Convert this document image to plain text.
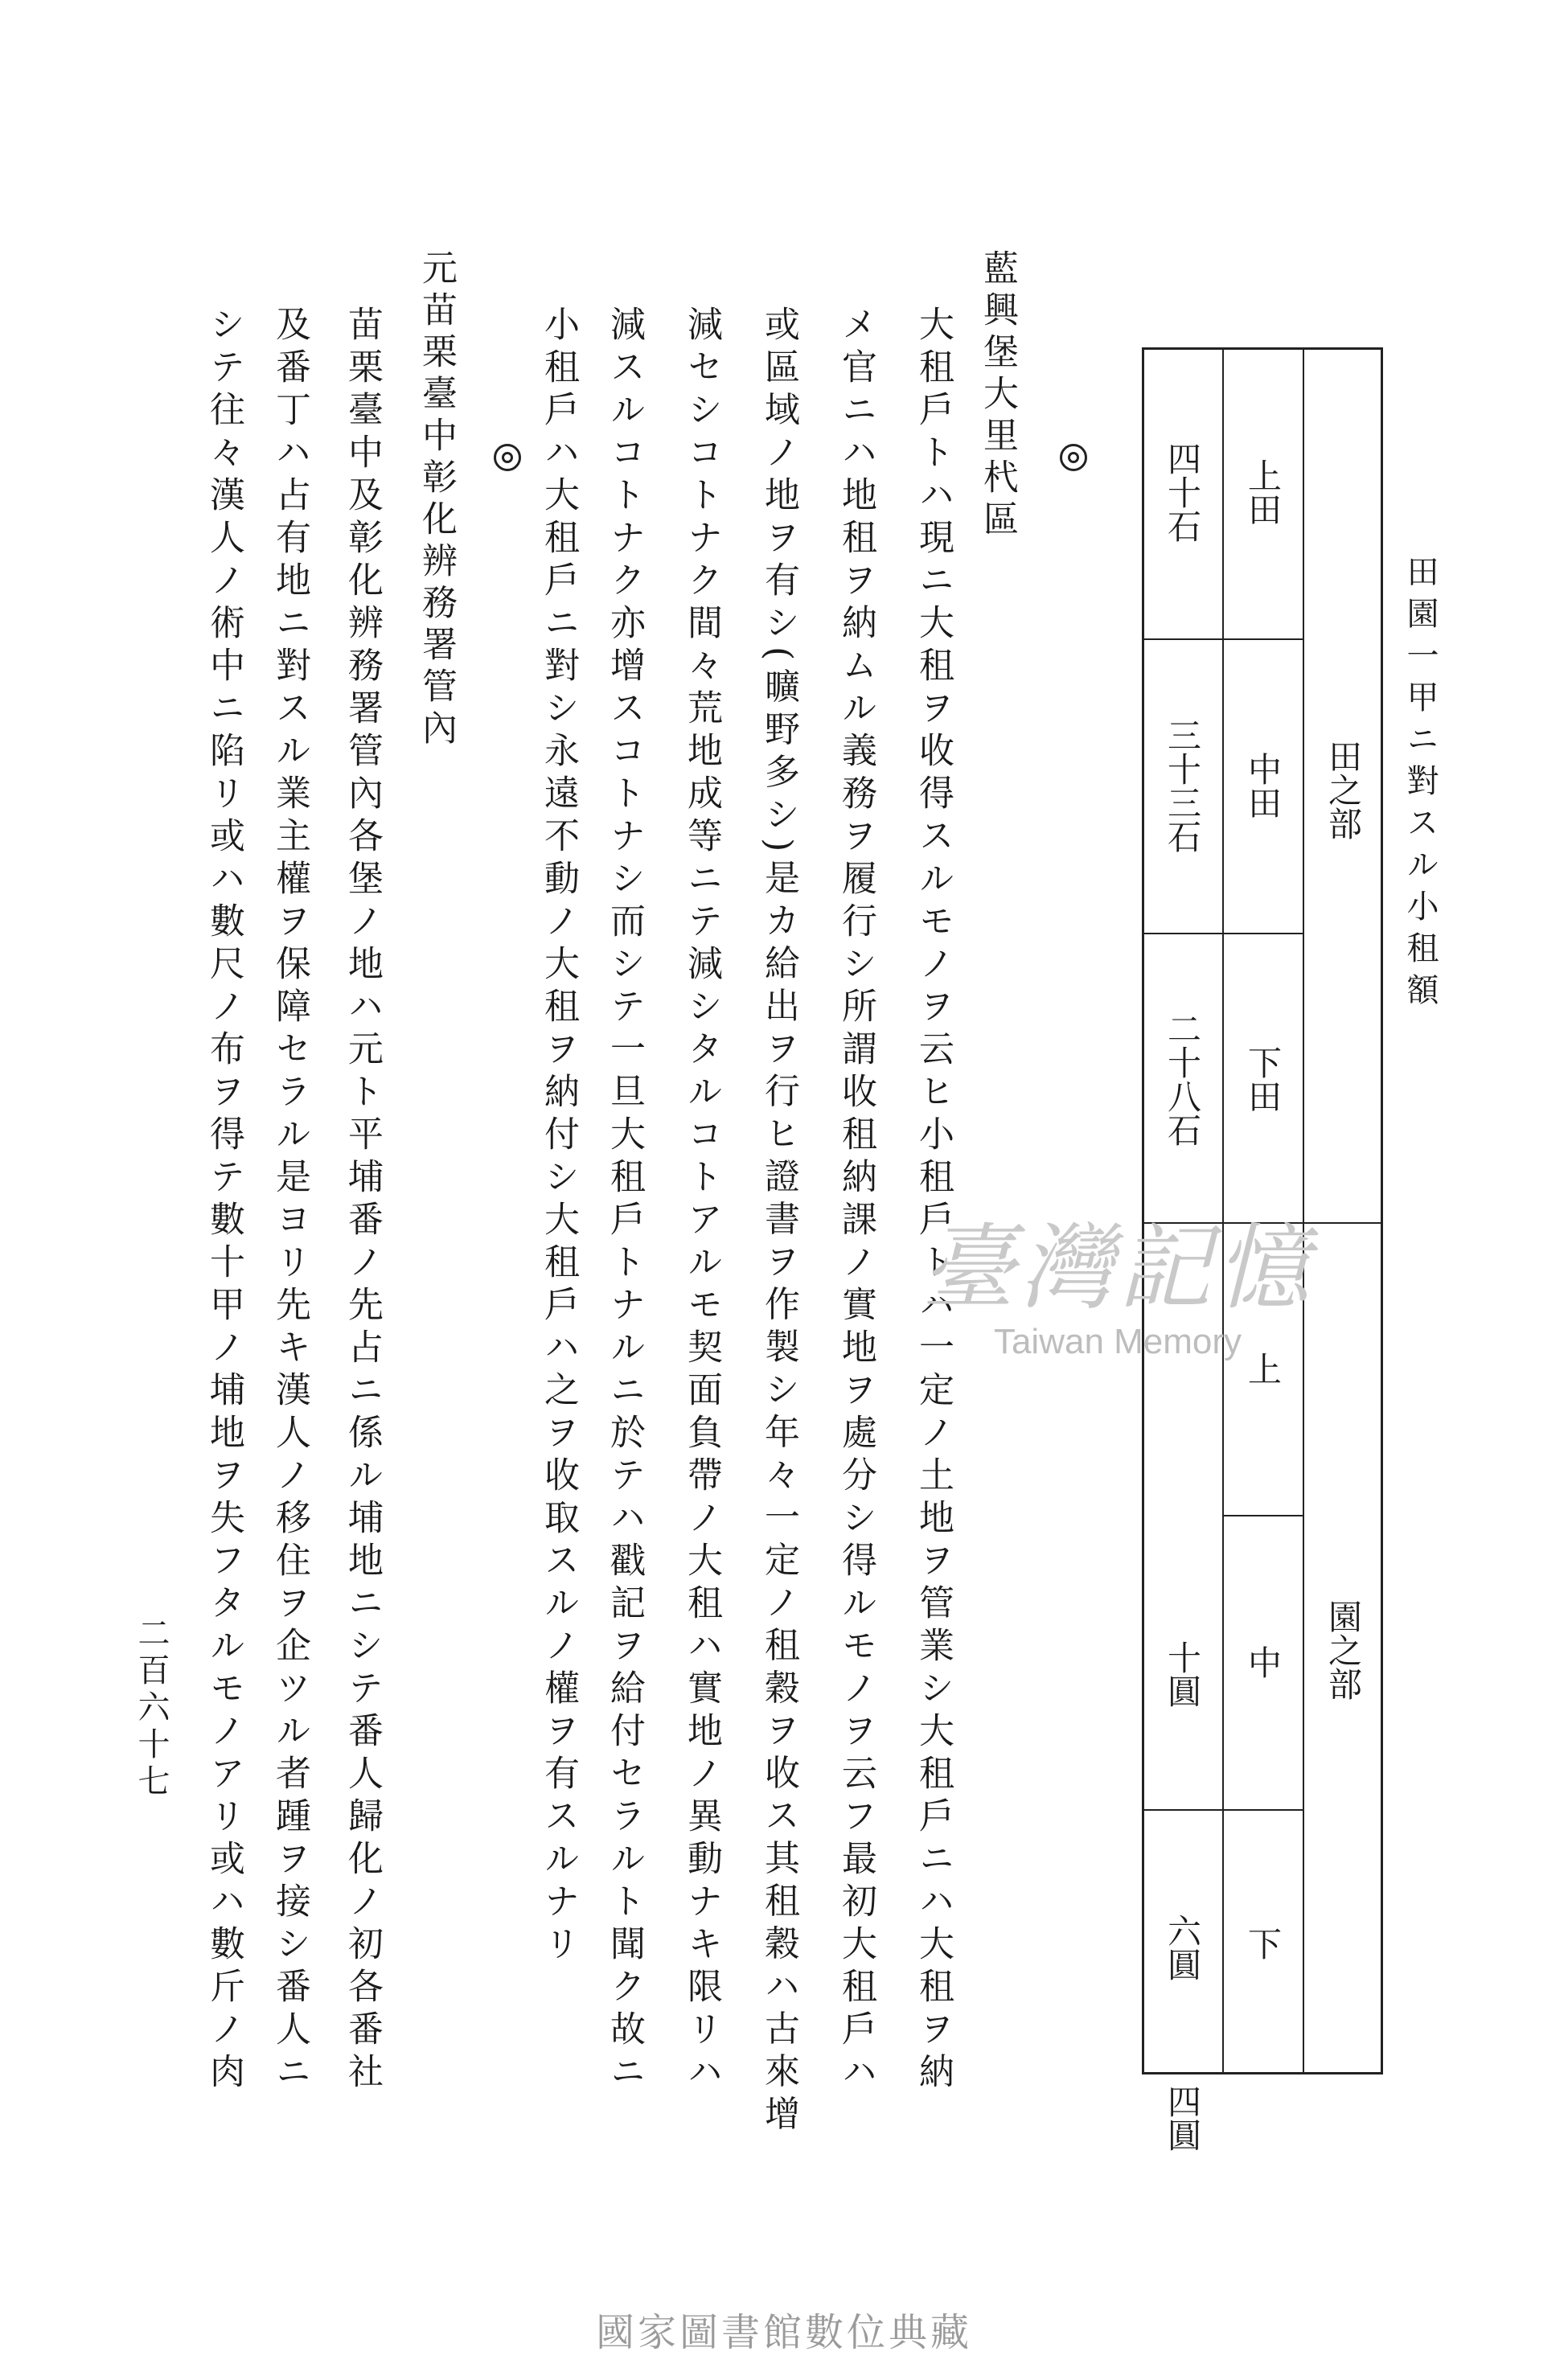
田園一甲ニ對スル小租額
田之部
園之部
上田
中田
下田
四十石
三十三石
二十八石
上
中
下
十圓
六圓
四圓
藍興堡大里杙區
大租戶トハ現ニ大租ヲ收得スルモノヲ云ヒ小租戶トハ一定ノ土地ヲ管業シ大租戶ニハ大租ヲ納
メ官ニハ地租ヲ納ムル義務ヲ履行シ所謂收租納課ノ實地ヲ處分シ得ルモノヲ云フ最初大租戶ハ
或區域ノ地ヲ有シ(曠野多シ)是カ給出ヲ行ヒ證書ヲ作製シ年々一定ノ租穀ヲ收ス其租穀ハ古來增
減セシコトナク間々荒地成等ニテ減シタルコトアルモ契面負帶ノ大租ハ實地ノ異動ナキ限リハ
減スルコトナク亦增スコトナシ而シテ一旦大租戶トナルニ於テハ戳記ヲ給付セラルト聞ク故ニ
小租戶ハ大租戶ニ對シ永遠不動ノ大租ヲ納付シ大租戶ハ之ヲ收取スルノ權ヲ有スルナリ
元苗栗臺中彰化辨務署管內
苗栗臺中及彰化辨務署管內各堡ノ地ハ元ト平埔番ノ先占ニ係ル埔地ニシテ番人歸化ノ初各番社
及番丁ハ占有地ニ對スル業主權ヲ保障セラル是ヨリ先キ漢人ノ移住ヲ企ツル者踵ヲ接シ番人ニ
シテ往々漢人ノ術中ニ陷リ或ハ數尺ノ布ヲ得テ數十甲ノ埔地ヲ失フタルモノアリ或ハ數斤ノ肉
二百六十七
臺灣記憶
Taiwan Memory
國家圖書館數位典藏
